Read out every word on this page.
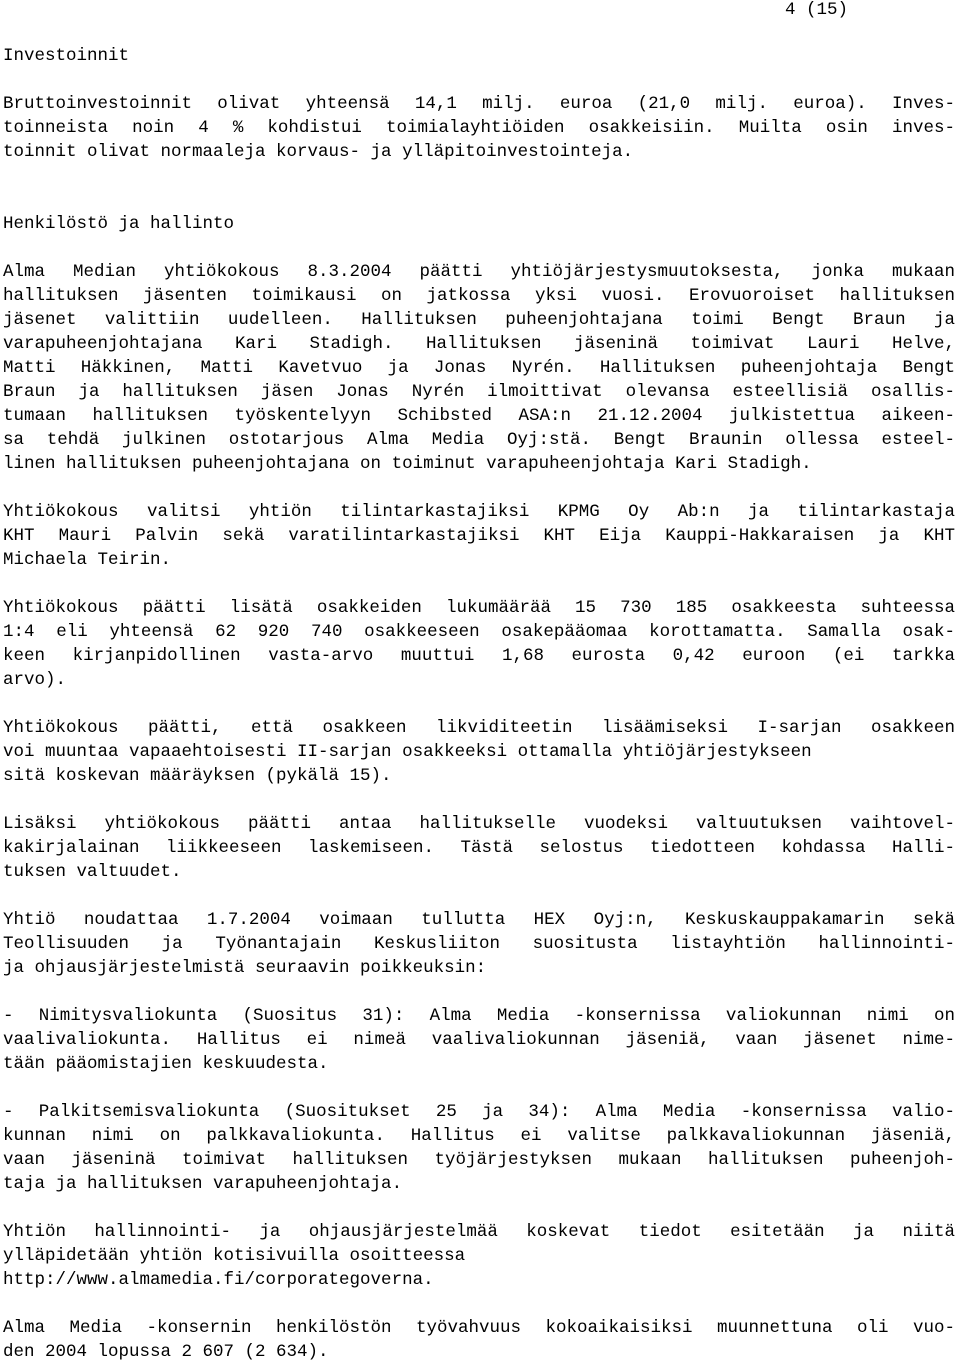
4 (15)
Investoinnit
Bruttoinvestoinnit olivat yhteensä 14,1 milj. euroa (21,0 milj. euroa). Inves-
toinneista noin 4 % kohdistui toimialayhtiöiden osakkeisiin. Muilta osin inves-
toinnit olivat normaaleja korvaus- ja ylläpitoinvestointeja.
Henkilöstö ja hallinto
Alma Median yhtiökokous 8.3.2004 päätti yhtiöjärjestysmuutoksesta, jonka mukaan
hallituksen jäsenten toimikausi on jatkossa yksi vuosi. Erovuoroiset hallituksen
jäsenet valittiin uudelleen. Hallituksen puheenjohtajana toimi Bengt Braun ja
varapuheenjohtajana Kari Stadigh. Hallituksen jäseninä toimivat Lauri Helve,
Matti Häkkinen, Matti Kavetvuo ja Jonas Nyrén. Hallituksen puheenjohtaja Bengt
Braun ja hallituksen jäsen Jonas Nyrén ilmoittivat olevansa esteellisiä osallis-
tumaan hallituksen työskentelyyn Schibsted ASA:n 21.12.2004 julkistettua aikeen-
sa tehdä julkinen ostotarjous Alma Media Oyj:stä. Bengt Braunin ollessa esteel-
linen hallituksen puheenjohtajana on toiminut varapuheenjohtaja Kari Stadigh.
Yhtiökokous valitsi yhtiön tilintarkastajiksi KPMG Oy Ab:n ja tilintarkastaja
KHT Mauri Palvin sekä varatilintarkastajiksi KHT Eija Kauppi-Hakkaraisen ja KHT
Michaela Teirin.
Yhtiökokous päätti lisätä osakkeiden lukumäärää 15 730 185 osakkeesta suhteessa
1:4 eli yhteensä 62 920 740 osakkeeseen osakepääomaa korottamatta. Samalla osak-
keen kirjanpidollinen vasta-arvo muuttui 1,68 eurosta 0,42 euroon (ei tarkka
arvo).
Yhtiökokous päätti, että osakkeen likviditeetin lisäämiseksi I-sarjan osakkeen
voi muuntaa vapaaehtoisesti II-sarjan osakkeeksi ottamalla yhtiöjärjestykseen
sitä koskevan määräyksen (pykälä 15).
Lisäksi yhtiökokous päätti antaa hallitukselle vuodeksi valtuutuksen vaihtovel-
kakirjalainan liikkeeseen laskemiseen. Tästä selostus tiedotteen kohdassa Halli-
tuksen valtuudet.
Yhtiö noudattaa 1.7.2004 voimaan tullutta HEX Oyj:n, Keskuskauppakamarin sekä
Teollisuuden ja Työnantajain Keskusliiton suositusta listayhtiön hallinnointi-
ja ohjausjärjestelmistä seuraavin poikkeuksin:
- Nimitysvaliokunta (Suositus 31): Alma Media -konsernissa valiokunnan nimi on
vaalivaliokunta. Hallitus ei nimeä vaalivaliokunnan jäseniä, vaan jäsenet nime-
tään pääomistajien keskuudesta.
- Palkitsemisvaliokunta (Suositukset 25 ja 34): Alma Media -konsernissa valio-
kunnan nimi on palkkavaliokunta. Hallitus ei valitse palkkavaliokunnan jäseniä,
vaan jäseninä toimivat hallituksen työjärjestyksen mukaan hallituksen puheenjoh-
taja ja hallituksen varapuheenjohtaja.
Yhtiön hallinnointi- ja ohjausjärjestelmää koskevat tiedot esitetään ja niitä
ylläpidetään yhtiön kotisivuilla osoitteessa
http://www.almamedia.fi/corporategoverna.
Alma Media -konsernin henkilöstön työvahvuus kokoaikaisiksi muunnettuna oli vuo-
den 2004 lopussa 2 607 (2 634).
